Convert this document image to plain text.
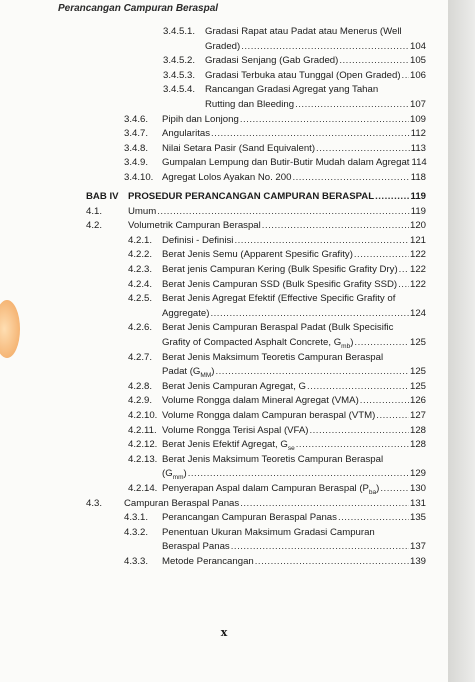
Perancangan Campuran Beraspal
3.4.5.1. Gradasi Rapat atau Padat atau Menerus (Well
Graded) .....	104
3.4.5.2. Gradasi Senjang (Gab Graded) .....	105
3.4.5.3. Gradasi Terbuka atau Tunggal (Open Graded) ..... 106
3.4.5.4. Rancangan Gradasi Agregat yang Tahan
Rutting dan Bleeding .....	107
3.4.6. Pipih dan Lonjong .....	109
3.4.7. Angularitas .....	112
3.4.8. Nilai Setara Pasir (Sand Equivalent) .....	113
3.4.9. Gumpalan Lempung dan Butir-Butir Mudah dalam Agregat 114
3.4.10. Agregat Lolos Ayakan No. 200 .....	118
BAB IV PROSEDUR PERANCANGAN CAMPURAN BERASPAL .....	119
4.1.	Umum .....	119
4.2.	Volumetrik Campuran Beraspal .....	120
4.2.1. Definisi - Definisi .....	121
4.2.2. Berat Jenis Semu (Apparent Spesific Grafity) .....	122
4.2.3. Berat jenis Campuran Kering (Bulk Spesific Grafity Dry) ..... 122
4.2.4. Berat Jenis Campuran SSD (Bulk Spesific Grafity SSD) ..... 122
4.2.5. Berat Jenis Agregat Efektif (Effective Specific Grafity of
Aggregate) .....	124
4.2.6. Berat Jenis Campuran Beraspal Padat (Bulk Specisific
Grafity of Compacted Asphalt Concrete, $G_{mb}$) .....	125
4.2.7. Berat Jenis Maksimum Teoretis Campuran Beraspal
Padat $(G_{MM})$ .....	125
4.2.8. Berat Jenis Campuran Agregat, G .....	125
4.2.9. Volume Rongga dalam Mineral Agregat (VMA) .....	126
4.2.10. Volume Rongga dalam Campuran beraspal (VTM) .....	127
4.2.11. Volume Rongga Terisi Aspal (VFA) .....	128
4.2.12. Berat Jenis Efektif Agregat, $G_{se}$ .....	128
4.2.13. Berat Jenis Maksimum Teoretis Campuran Beraspal
$(G_{mm})$ .....	129
4.2.14. Penyerapan Aspal dalam Campuran Beraspal $(P_{ba})$ .....	130
4.3. Campuran Beraspal Panas .....	131
4.3.1. Perancangan Campuran Beraspal Panas .....	135
4.3.2. Penentuan Ukuran Maksimum Gradasi Campuran
Beraspal Panas .....	137
4.3.3. Metode Perancangan .....	139
x
